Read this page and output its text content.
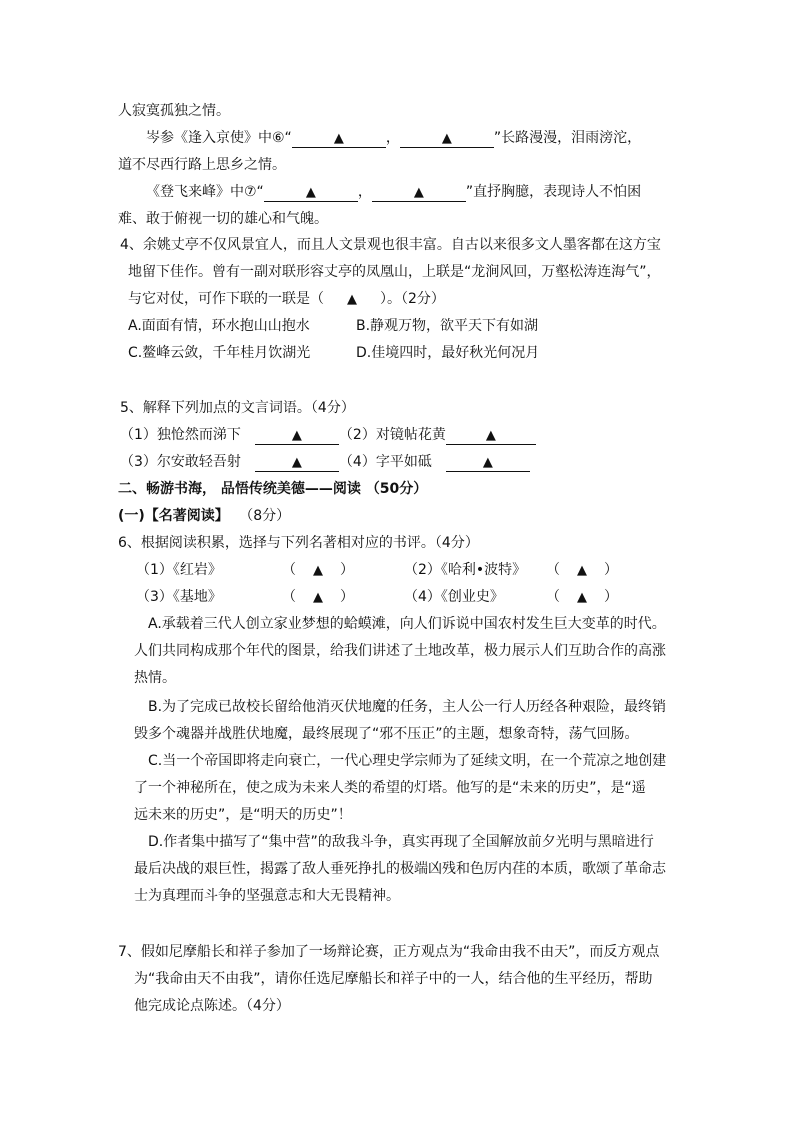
人寂寞孤独之情。
岑参《逢入京使》中⑥“	▲	，	▲	”长路漫漫，泪雨滂沱，
道不尽西行路上思乡之情。
《登飞来峰》中⑦“	▲	，	▲	”直抒胸臆，表现诗人不怕困
难、敢于俯视一切的雄心和气魄。
4、余姚丈亭不仅风景宜人，而且人文景观也很丰富。自古以来很多文人墨客都在这方宝
地留下佳作。曾有一副对联形容丈亭的凤凰山，上联是“龙涧风回，万壑松涛连海气”，
与它对仗，可作下联的一联是（ ▲ ）。（2分）
A.面面有情，环水抱山山抱水	B.静观万物，欲平天下有如湖
C.鳌峰云敛，千年桂月饮湖光	D.佳境四时，最好秋光何况月
5、解释下列加点的文言词语。（4分）
（1）独怆然而涕下	▲	（2）对镜帖花黄	▲
（3）尔安敢轻吾射	▲	（4）字平如砥	▲
二、畅游书海， 品悟传统美德——阅读 （50分）
(一)【名著阅读】 （8分）
6、根据阅读积累，选择与下列名著相对应的书评。（4分）
（1）《红岩》	（ ▲ ）	（2）《哈利•波特》 （ ▲ ）
（3）《基地》	（ ▲ ）	（4）《创业史》	（ ▲ ）
A.承载着三代人创立家业梦想的蛤蟆滩，向人们诉说中国农村发生巨大变革的时代。
人们共同构成那个年代的图景，给我们讲述了土地改革，极力展示人们互助合作的高涨
热情。
B.为了完成已故校长留给他消灭伏地魔的任务，主人公一行人历经各种艰险，最终销
毁多个魂器并战胜伏地魔，最终展现了“邪不压正”的主题，想象奇特，荡气回肠。
C.当一个帝国即将走向衰亡，一代心理史学宗师为了延续文明，在一个荒凉之地创建
了一个神秘所在，使之成为未来人类的希望的灯塔。他写的是“未来的历史”，是“遥
远未来的历史”，是“明天的历史”！
D.作者集中描写了“集中营”的敌我斗争，真实再现了全国解放前夕光明与黑暗进行
最后决战的艰巨性，揭露了敌人垂死挣扎的极端凶残和色厉内荏的本质，歌颂了革命志
士为真理而斗争的坚强意志和大无畏精神。
7、假如尼摩船长和祥子参加了一场辩论赛，正方观点为“我命由我不由天”，而反方观点
为“我命由天不由我”，请你任选尼摩船长和祥子中的一人，结合他的生平经历，帮助
他完成论点陈述。（4分）
